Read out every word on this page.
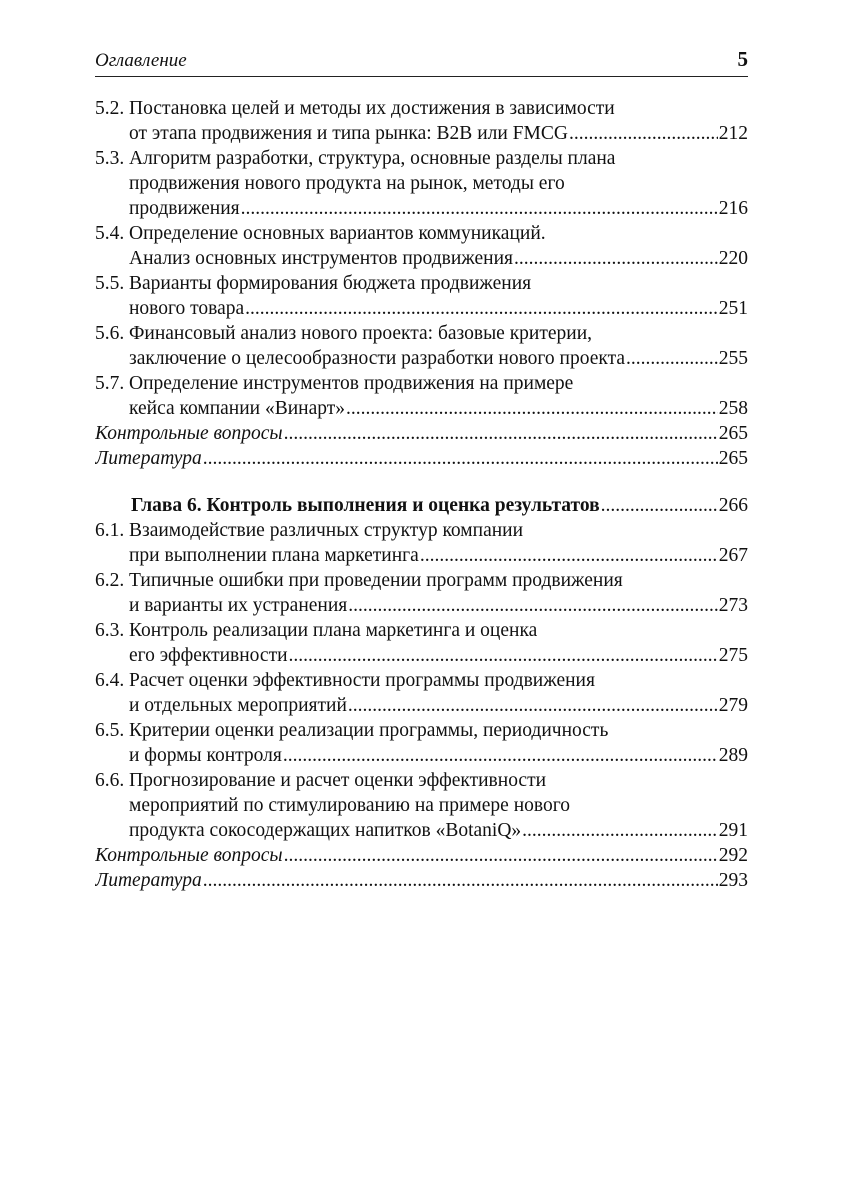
Оглавление	5
5.2. Постановка целей и методы их достижения в зависимости
от этапа продвижения и типа рынка: B2B или FMCG .....	212
5.3. Алгоритм разработки, структура, основные разделы плана
продвижения нового продукта на рынок, методы его
продвижения .....	216
5.4. Определение основных вариантов коммуникаций.
Анализ основных инструментов продвижения .....	220
5.5. Варианты формирования бюджета продвижения
нового товара .....	251
5.6. Финансовый анализ нового проекта: базовые критерии,
заключение о целесообразности разработки нового проекта .....	255
5.7. Определение инструментов продвижения на примере
кейса компании «Винарт» .....	258
Контрольные вопросы .....	265
Литература .....	265
Глава 6. Контроль выполнения и оценка результатов .....	266
6.1. Взаимодействие различных структур компании
при выполнении плана маркетинга .....	267
6.2. Типичные ошибки при проведении программ продвижения
и варианты их устранения .....	273
6.3. Контроль реализации плана маркетинга и оценка
его эффективности .....	275
6.4. Расчет оценки эффективности программы продвижения
и отдельных мероприятий .....	279
6.5. Критерии оценки реализации программы, периодичность
и формы контроля .....	289
6.6. Прогнозирование и расчет оценки эффективности
мероприятий по стимулированию на примере нового
продукта сокосодержащих напитков «BotaniQ» .....	291
Контрольные вопросы .....	292
Литература .....	293
